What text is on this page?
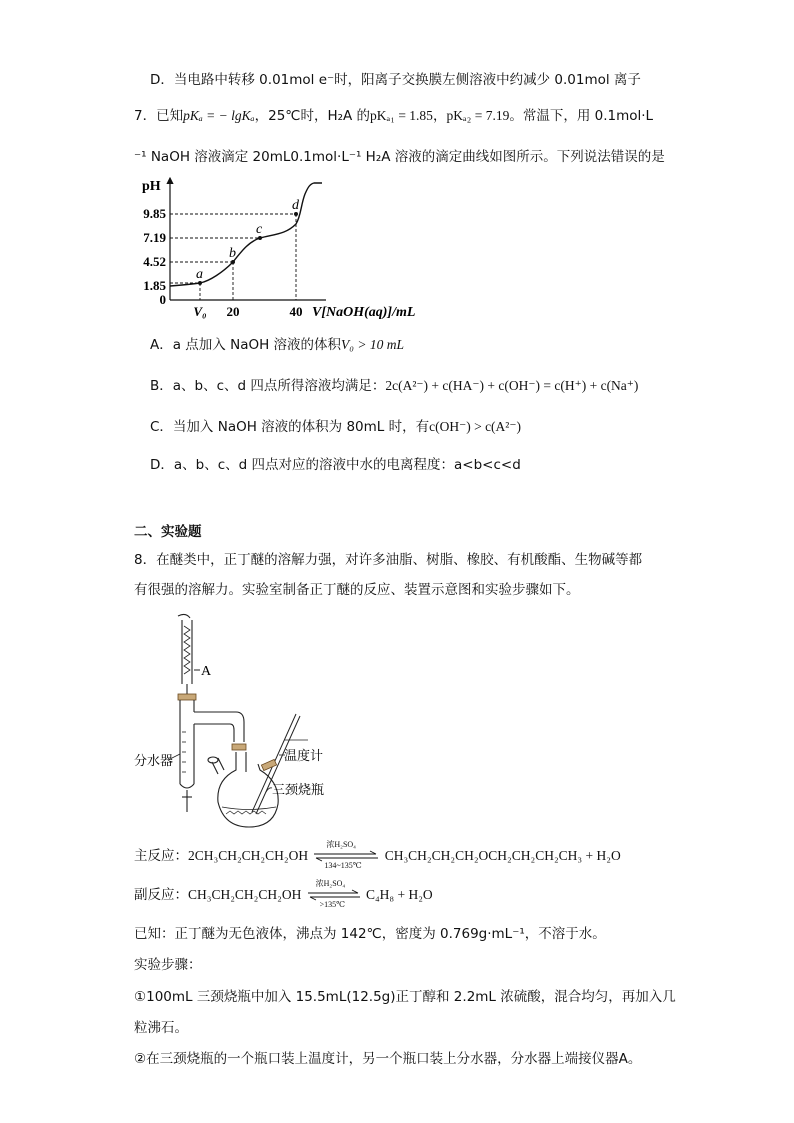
D．当电路中转移 0.01mol e⁻时，阳离子交换膜左侧溶液中约减少 0.01mol 离子
7．已知pKₐ = − lgKₐ，25℃时，H₂A 的pKₐ₁ = 1.85，pKₐ₂ = 7.19。常温下，用 0.1mol·L
⁻¹ NaOH 溶液滴定 20mL0.1mol·L⁻¹ H₂A 溶液的滴定曲线如图所示。下列说法错误的是
a
b
c
d
9.85
7.19
4.52
1.85
0
V₀ 20	40
pH
V[NaOH(aq)]/mL
A．a 点加入 NaOH 溶液的体积V₀ > 10 mL
B．a、b、c、d 四点所得溶液均满足：2c(A²⁻) + c(HA⁻) + c(OH⁻) = c(H⁺) + c(Na⁺)
C．当加入 NaOH 溶液的体积为 80mL 时，有c(OH⁻) > c(A²⁻)
D．a、b、c、d 四点对应的溶液中水的电离程度：a<b<c<d
二、实验题
8．在醚类中，正丁醚的溶解力强，对许多油脂、树脂、橡胶、有机酸酯、生物碱等都
有很强的溶解力。实验室制备正丁醚的反应、装置示意图和实验步骤如下。
A
温度计
三颈烧瓶
分水器
主反应：2CH₃CH₂CH₂CH₂OH
浓H₂SO₄
134~135℃
CH₃CH₂CH₂CH₂OCH₂CH₂CH₂CH₃ + H₂O
副反应：CH₃CH₂CH₂CH₂OH
浓H₂SO₄
>135℃
C₄H₈ + H₂O
已知：正丁醚为无色液体，沸点为 142℃，密度为 0.769g·mL⁻¹，不溶于水。
实验步骤：
①100mL 三颈烧瓶中加入 15.5mL(12.5g)正丁醇和 2.2mL 浓硫酸，混合均匀，再加入几
粒沸石。
②在三颈烧瓶的一个瓶口装上温度计，另一个瓶口装上分水器，分水器上端接仪器A。
